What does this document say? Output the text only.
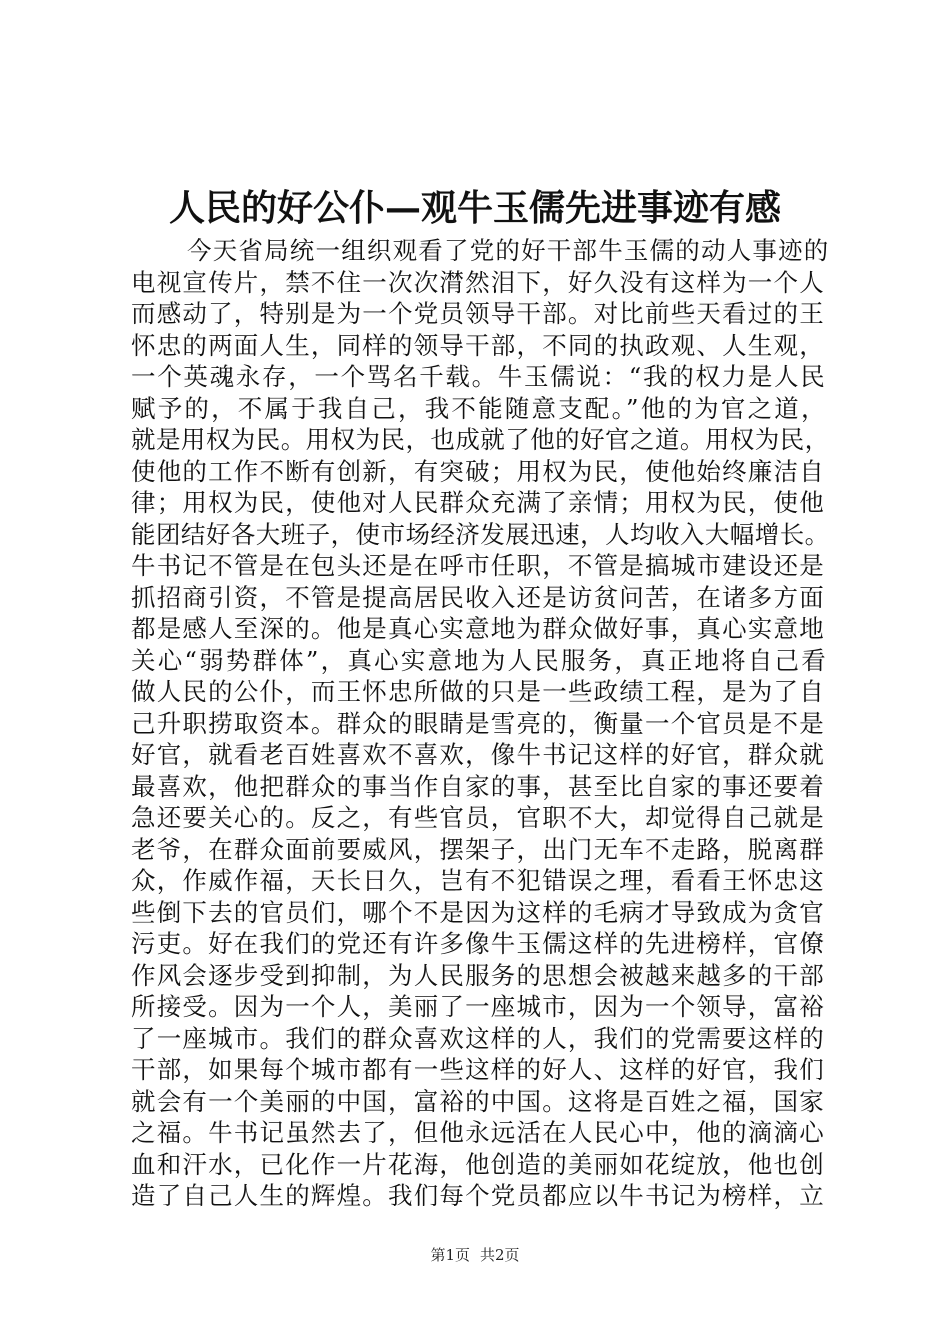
人民的好公仆—观牛玉儒先进事迹有感
今天省局统一组织观看了党的好干部牛玉儒的动人事迹的
电视宣传片，禁不住一次次潸然泪下，好久没有这样为一个人
而感动了，特别是为一个党员领导干部。对比前些天看过的王
怀忠的两面人生，同样的领导干部，不同的执政观、人生观，
一个英魂永存，一个骂名千载。牛玉儒说：“我的权力是人民
赋予的，不属于我自己，我不能随意支配。”他的为官之道，
就是用权为民。用权为民，也成就了他的好官之道。用权为民，
使他的工作不断有创新，有突破；用权为民，使他始终廉洁自
律；用权为民，使他对人民群众充满了亲情；用权为民，使他
能团结好各大班子，使市场经济发展迅速，人均收入大幅增长。
牛书记不管是在包头还是在呼市任职，不管是搞城市建设还是
抓招商引资，不管是提高居民收入还是访贫问苦，在诸多方面
都是感人至深的。他是真心实意地为群众做好事，真心实意地
关心“弱势群体”，真心实意地为人民服务，真正地将自己看
做人民的公仆，而王怀忠所做的只是一些政绩工程，是为了自
己升职捞取资本。群众的眼睛是雪亮的，衡量一个官员是不是
好官，就看老百姓喜欢不喜欢，像牛书记这样的好官，群众就
最喜欢，他把群众的事当作自家的事，甚至比自家的事还要着
急还要关心的。反之，有些官员，官职不大，却觉得自己就是
老爷，在群众面前要威风，摆架子，出门无车不走路，脱离群
众，作威作福，天长日久，岂有不犯错误之理，看看王怀忠这
些倒下去的官员们，哪个不是因为这样的毛病才导致成为贪官
污吏。好在我们的党还有许多像牛玉儒这样的先进榜样，官僚
作风会逐步受到抑制，为人民服务的思想会被越来越多的干部
所接受。因为一个人，美丽了一座城市，因为一个领导，富裕
了一座城市。我们的群众喜欢这样的人，我们的党需要这样的
干部，如果每个城市都有一些这样的好人、这样的好官，我们
就会有一个美丽的中国，富裕的中国。这将是百姓之福，国家
之福。牛书记虽然去了，但他永远活在人民心中，他的滴滴心
血和汗水，已化作一片花海，他创造的美丽如花绽放，他也创
造了自己人生的辉煌。我们每个党员都应以牛书记为榜样，立
第1页 共2页
